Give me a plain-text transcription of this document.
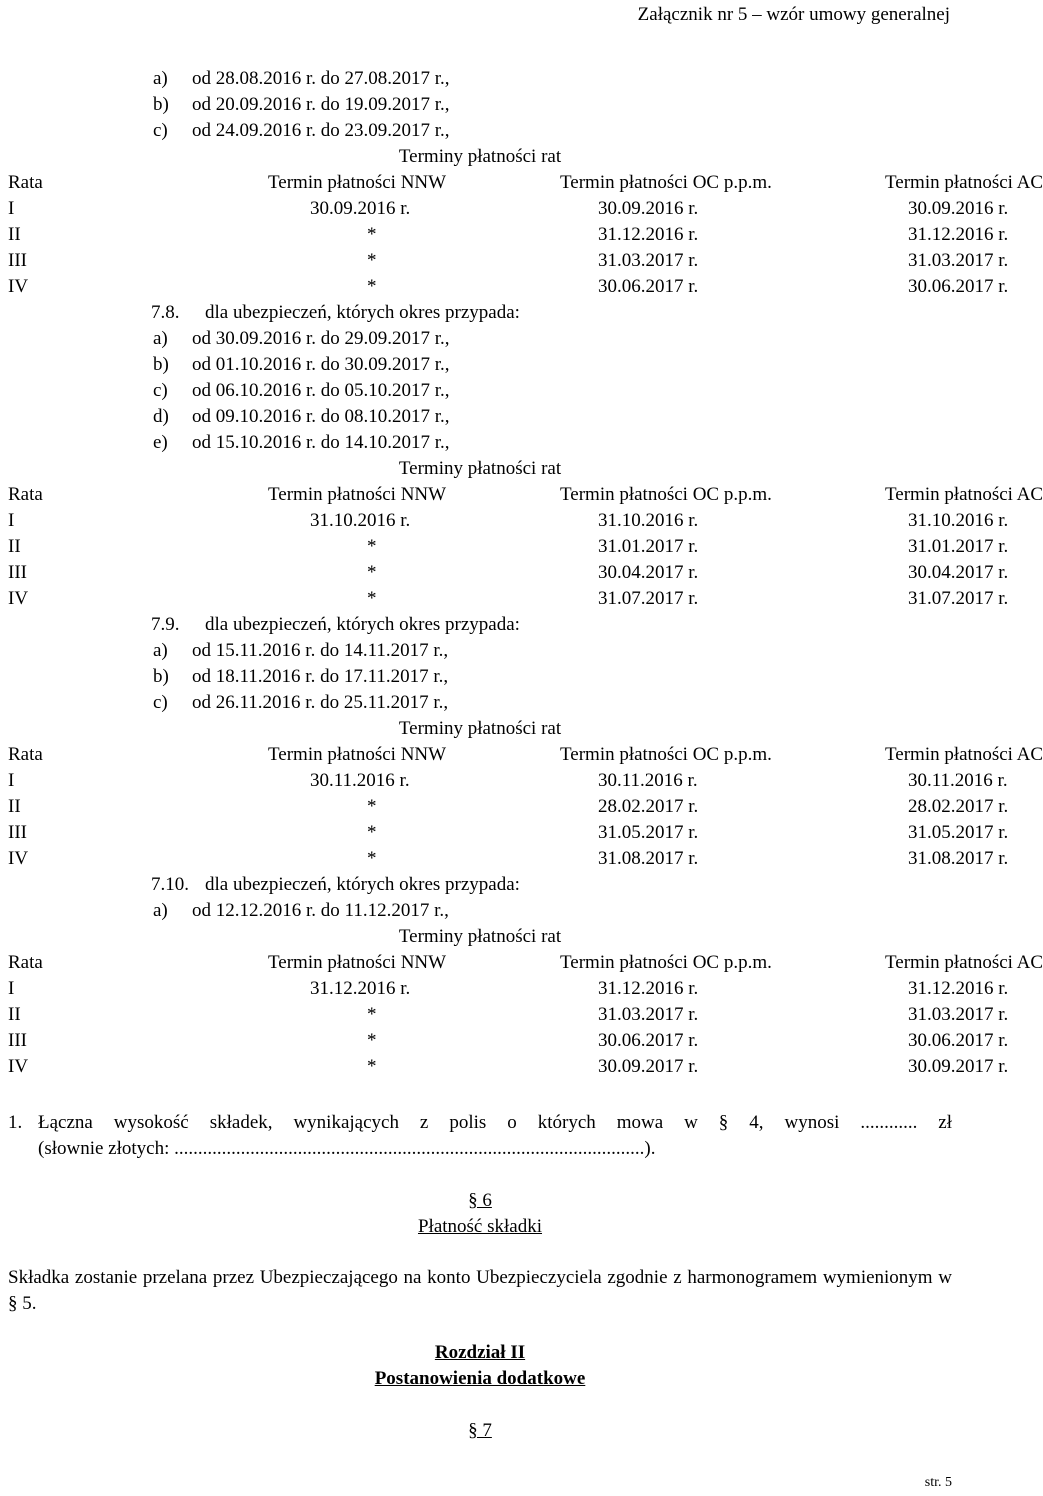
Załącznik nr 5 – wzór umowy generalnej
a) od 28.08.2016 r. do 27.08.2017 r.,
b) od 20.09.2016 r. do 19.09.2017 r.,
c) od 24.09.2016 r. do 23.09.2017 r.,
Terminy płatności rat			
Rata	Termin płatności NNW	Termin płatności OC p.p.m.	Termin płatności AC
I	30.09.2016 r.	30.09.2016 r.	30.09.2016 r.
II	*	31.12.2016 r.	31.12.2016 r.
III	*	31.03.2017 r.	31.03.2017 r.
IV	*	30.06.2017 r.	30.06.2017 r.
7.8. dla ubezpieczeń, których okres przypada:
a) od 30.09.2016 r. do 29.09.2017 r.,
b) od 01.10.2016 r. do 30.09.2017 r.,
c) od 06.10.2016 r. do 05.10.2017 r.,
d) od 09.10.2016 r. do 08.10.2017 r.,
e) od 15.10.2016 r. do 14.10.2017 r.,
Terminy płatności rat			
Rata	Termin płatności NNW	Termin płatności OC p.p.m.	Termin płatności AC
I	31.10.2016 r.	31.10.2016 r.	31.10.2016 r.
II	*	31.01.2017 r.	31.01.2017 r.
III	*	30.04.2017 r.	30.04.2017 r.
IV	*	31.07.2017 r.	31.07.2017 r.
7.9. dla ubezpieczeń, których okres przypada:
a) od 15.11.2016 r. do 14.11.2017 r.,
b) od 18.11.2016 r. do 17.11.2017 r.,
c) od 26.11.2016 r. do 25.11.2017 r.,
Terminy płatności rat			
Rata	Termin płatności NNW	Termin płatności OC p.p.m.	Termin płatności AC
I	30.11.2016 r.	30.11.2016 r.	30.11.2016 r.
II	*	28.02.2017 r.	28.02.2017 r.
III	*	31.05.2017 r.	31.05.2017 r.
IV	*	31.08.2017 r.	31.08.2017 r.
7.10. dla ubezpieczeń, których okres przypada:
a) od 12.12.2016 r. do 11.12.2017 r.,
Terminy płatności rat			
Rata	Termin płatności NNW	Termin płatności OC p.p.m.	Termin płatności AC
I	31.12.2016 r.	31.12.2016 r.	31.12.2016 r.
II	*	31.03.2017 r.	31.03.2017 r.
III	*	30.06.2017 r.	30.06.2017 r.
IV	*	30.09.2017 r.	30.09.2017 r.
1. Łączna wysokość składek, wynikających z polis o których mowa w § 4, wynosi ............ zł
(słownie złotych: ...................................................................................................).
§ 6
Płatność składki
Składka zostanie przelana przez Ubezpieczającego na konto Ubezpieczyciela zgodnie z harmonogramem wymienionym w § 5.
Rozdział II
Postanowienia dodatkowe
§ 7
str. 5
